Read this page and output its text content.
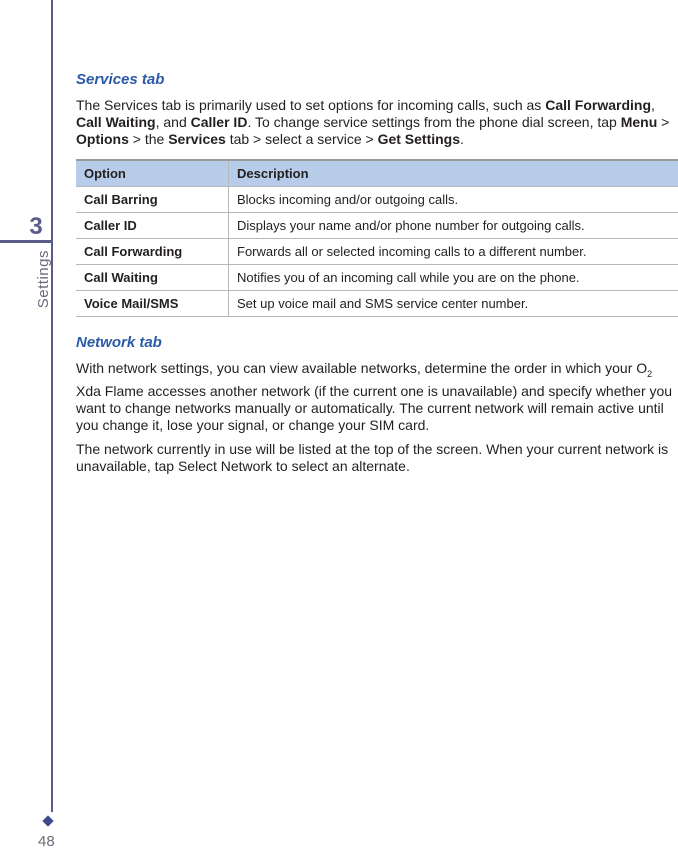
3
Settings
48
Services tab
The Services tab is primarily used to set options for incoming calls, such as Call Forwarding, Call Waiting, and Caller ID. To change service settings from the phone dial screen, tap Menu > Options > the Services tab > select a service > Get Settings.
Option	Description
Call Barring	Blocks incoming and/or outgoing calls.
Caller ID	Displays your name and/or phone number for outgoing calls.
Call Forwarding	Forwards all or selected incoming calls to a different number.
Call Waiting	Notifies you of an incoming call while you are on the phone.
Voice Mail/SMS	Set up voice mail and SMS service center number.
Network tab
With network settings, you can view available networks, determine the order in which your $O_2$ Xda Flame accesses another network (if the current one is unavailable) and specify whether you want to change networks manually or automatically. The current network will remain active until you change it, lose your signal, or change your SIM card.
The network currently in use will be listed at the top of the screen. When your current network is unavailable, tap Select Network to select an alternate.
